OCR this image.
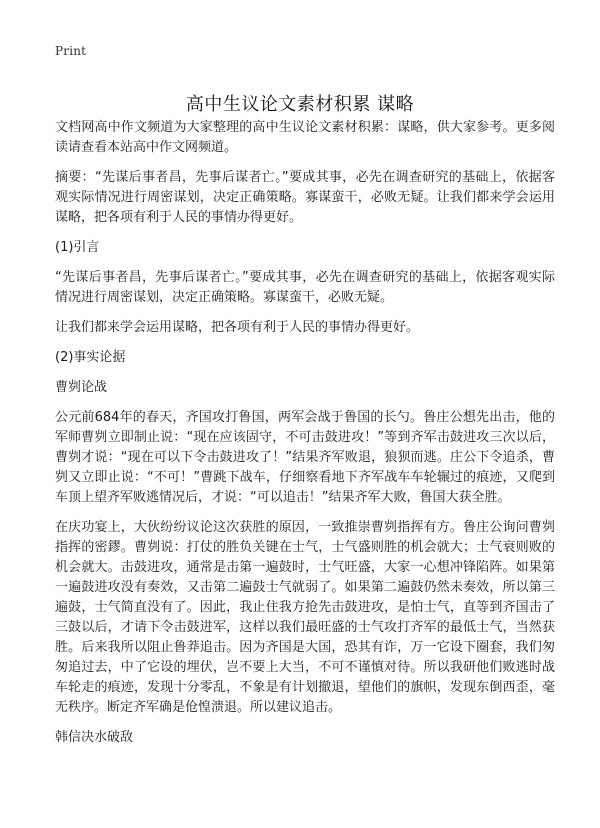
Print
高中生议论文素材积累 谋略

文档网高中作文频道为大家整理的高中生议论文素材积累：谋略，供大家参考。更多阅读请查看本站高中作文网频道。

摘要：“先谋后事者昌，先事后谋者亡。”要成其事，必先在调查研究的基础上，依据客观实际情况进行周密谋划，决定正确策略。寡谋蛮干，必败无疑。让我们都来学会运用谋略，把各项有利于人民的事情办得更好。

(1)引言

“先谋后事者昌，先事后谋者亡。”要成其事，必先在调查研究的基础上，依据客观实际情况进行周密谋划，决定正确策略。寡谋蛮干，必败无疑。

让我们都来学会运用谋略，把各项有利于人民的事情办得更好。

(2)事实论据

曹刿论战

公元前684年的春天，齐国攻打鲁国，两军会战于鲁国的长勺。鲁庄公想先出击，他的军师曹刿立即制止说：“现在应该固守，不可击鼓进攻！”等到齐军击鼓进攻三次以后，曹刿才说：“现在可以下令击鼓进攻了！”结果齐军败退，狼狈而逃。庄公下令追杀，曹刿又立即止说：“不可！”曹跳下战车，仔细察看地下齐军战车车轮辗过的痕迹，又爬到车顶上望齐军败逃情况后，才说：“可以追击！”结果齐军大败，鲁国大获全胜。

在庆功宴上，大伙纷纷议论这次获胜的原因，一致推崇曹刿指挥有方。鲁庄公询问曹刿指挥的密鏐。曹刿说：打仗的胜负关键在士气，士气盛则胜的机会就大；士气衰则败的机会就大。击鼓进攻，通常是击第一遍鼓时，士气旺盛，大家一心想冲锋陷阵。如果第一遍鼓进攻没有奏效，又击第二遍鼓士气就弱了。如果第二遍鼓仍然未奏效，所以第三遍鼓，士气简直没有了。因此，我止住我方抢先击鼓进攻，是怕士气，直等到齐国击了三鼓以后，才请下令击鼓进军，这样以我们最旺盛的士气攻打齐军的最低士气，当然获胜。后来我所以阻止鲁莽追击。因为齐国是大国，恐其有诈，万一它设下圈套，我们匆匆追过去，中了它设的埋伏，岂不要上大当，不可不谨慎对待。所以我研他们败逃时战车轮走的痕迹，发现十分零乱，不象是有计划撤退，望他们的旗帜，发现东倒西歪，毫无秩序。断定齐军确是伧惶溃退。所以建议追击。

韩信决水破敌
